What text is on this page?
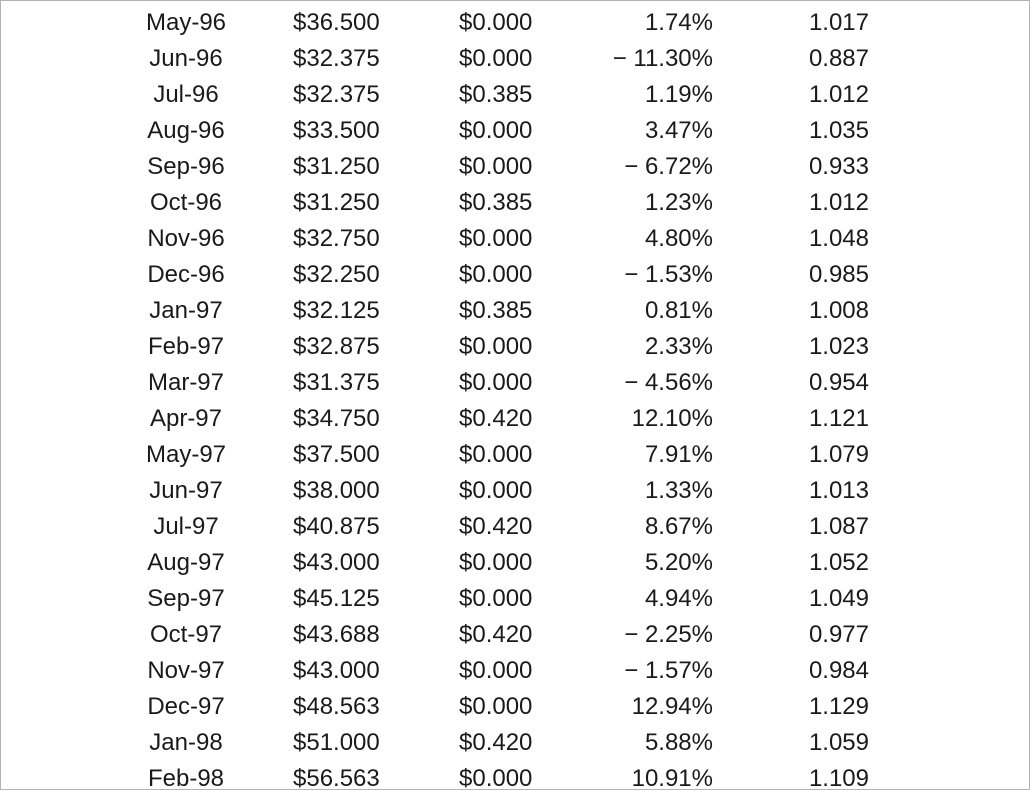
May-96	$36.500	$0.000	1.74%	1.017
Jun-96	$32.375	$0.000	− 11.30%	0.887
Jul-96	$32.375	$0.385	1.19%	1.012
Aug-96	$33.500	$0.000	3.47%	1.035
Sep-96	$31.250	$0.000	− 6.72%	0.933
Oct-96	$31.250	$0.385	1.23%	1.012
Nov-96	$32.750	$0.000	4.80%	1.048
Dec-96	$32.250	$0.000	− 1.53%	0.985
Jan-97	$32.125	$0.385	0.81%	1.008
Feb-97	$32.875	$0.000	2.33%	1.023
Mar-97	$31.375	$0.000	− 4.56%	0.954
Apr-97	$34.750	$0.420	12.10%	1.121
May-97	$37.500	$0.000	7.91%	1.079
Jun-97	$38.000	$0.000	1.33%	1.013
Jul-97	$40.875	$0.420	8.67%	1.087
Aug-97	$43.000	$0.000	5.20%	1.052
Sep-97	$45.125	$0.000	4.94%	1.049
Oct-97	$43.688	$0.420	− 2.25%	0.977
Nov-97	$43.000	$0.000	− 1.57%	0.984
Dec-97	$48.563	$0.000	12.94%	1.129
Jan-98	$51.000	$0.420	5.88%	1.059
Feb-98	$56.563	$0.000	10.91%	1.109
